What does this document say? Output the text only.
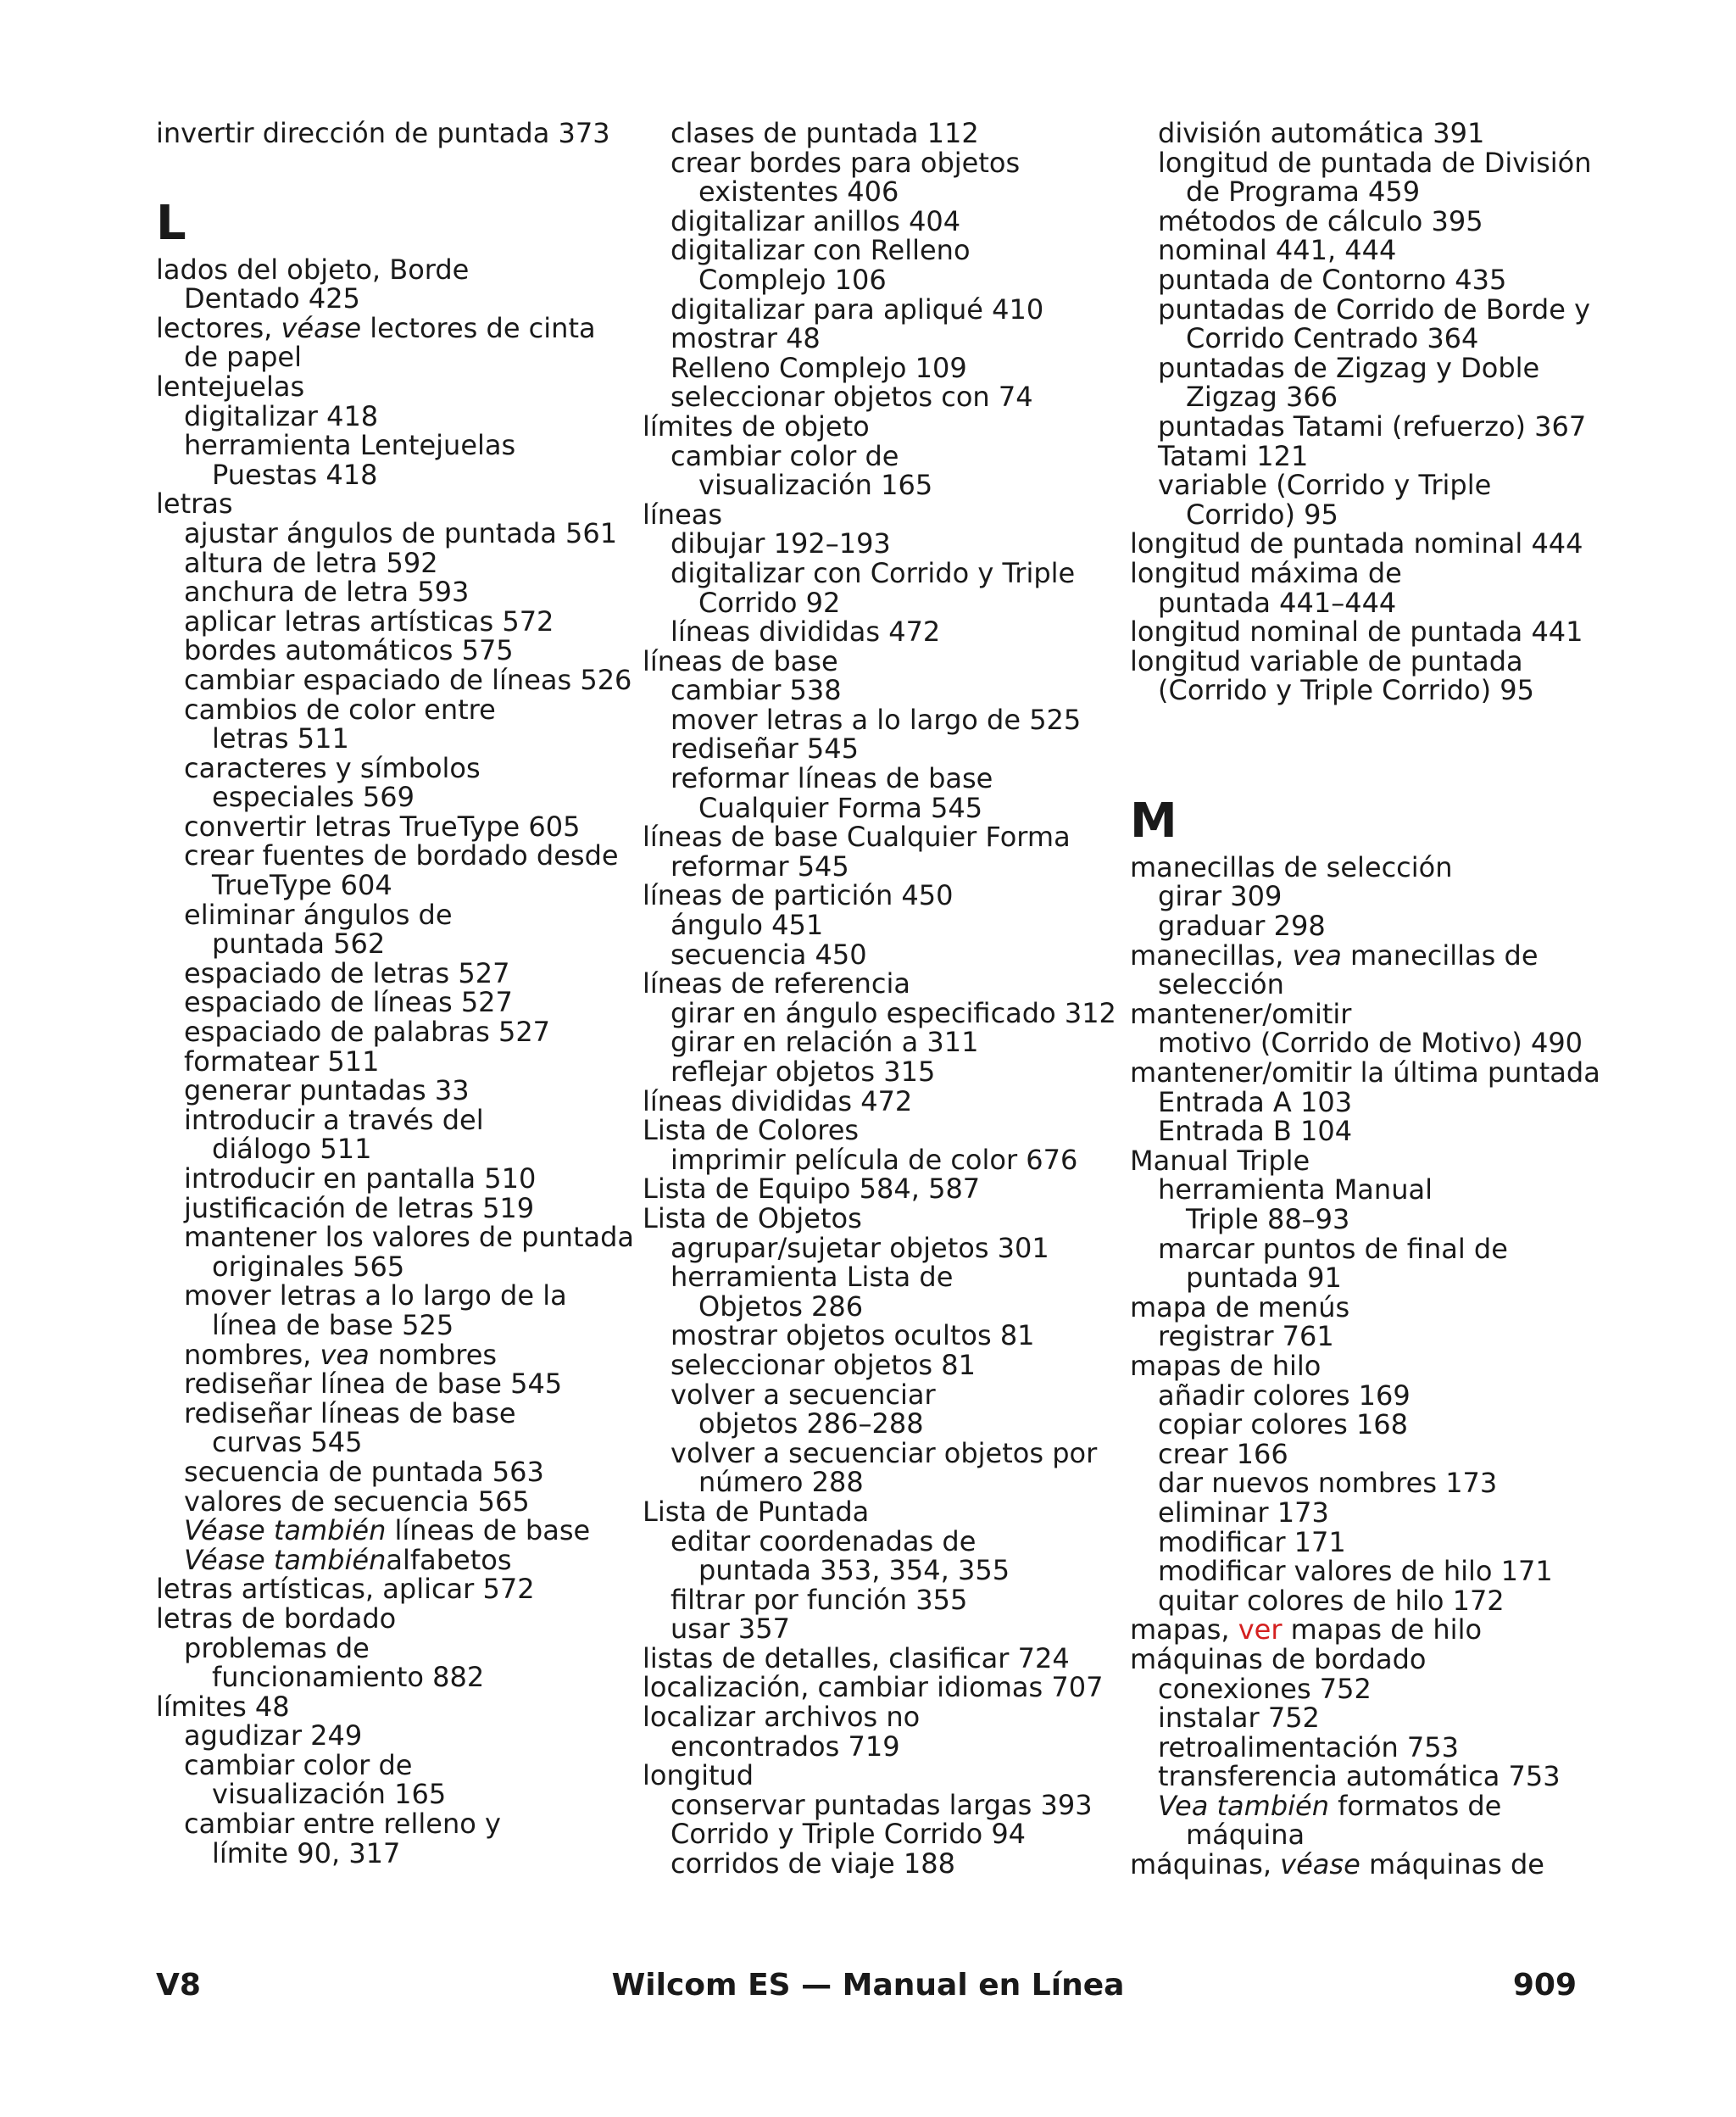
invertir dirección de puntada 373
L
lados del objeto, Borde
Dentado 425
lectores, véase lectores de cinta
de papel
lentejuelas
digitalizar 418
herramienta Lentejuelas
Puestas 418
letras
ajustar ángulos de puntada 561
altura de letra 592
anchura de letra 593
aplicar letras artísticas 572
bordes automáticos 575
cambiar espaciado de líneas 526
cambios de color entre
letras 511
caracteres y símbolos
especiales 569
convertir letras TrueType 605
crear fuentes de bordado desde
TrueType 604
eliminar ángulos de
puntada 562
espaciado de letras 527
espaciado de líneas 527
espaciado de palabras 527
formatear 511
generar puntadas 33
introducir a través del
diálogo 511
introducir en pantalla 510
justificación de letras 519
mantener los valores de puntada
originales 565
mover letras a lo largo de la
línea de base 525
nombres, vea nombres
rediseñar línea de base 545
rediseñar líneas de base
curvas 545
secuencia de puntada 563
valores de secuencia 565
Véase también líneas de base
Véase tambiénalfabetos
letras artísticas, aplicar 572
letras de bordado
problemas de
funcionamiento 882
límites 48
agudizar 249
cambiar color de
visualización 165
cambiar entre relleno y
límite 90, 317
clases de puntada 112
crear bordes para objetos
existentes 406
digitalizar anillos 404
digitalizar con Relleno
Complejo 106
digitalizar para apliqué 410
mostrar 48
Relleno Complejo 109
seleccionar objetos con 74
límites de objeto
cambiar color de
visualización 165
líneas
dibujar 192–193
digitalizar con Corrido y Triple
Corrido 92
líneas divididas 472
líneas de base
cambiar 538
mover letras a lo largo de 525
rediseñar 545
reformar líneas de base
Cualquier Forma 545
líneas de base Cualquier Forma
reformar 545
líneas de partición 450
ángulo 451
secuencia 450
líneas de referencia
girar en ángulo especificado 312
girar en relación a 311
reflejar objetos 315
líneas divididas 472
Lista de Colores
imprimir película de color 676
Lista de Equipo 584, 587
Lista de Objetos
agrupar/sujetar objetos 301
herramienta Lista de
Objetos 286
mostrar objetos ocultos 81
seleccionar objetos 81
volver a secuenciar
objetos 286–288
volver a secuenciar objetos por
número 288
Lista de Puntada
editar coordenadas de
puntada 353, 354, 355
filtrar por función 355
usar 357
listas de detalles, clasificar 724
localización, cambiar idiomas 707
localizar archivos no
encontrados 719
longitud
conservar puntadas largas 393
Corrido y Triple Corrido 94
corridos de viaje 188
división automática 391
longitud de puntada de División
de Programa 459
métodos de cálculo 395
nominal 441, 444
puntada de Contorno 435
puntadas de Corrido de Borde y
Corrido Centrado 364
puntadas de Zigzag y Doble
Zigzag 366
puntadas Tatami (refuerzo) 367
Tatami 121
variable (Corrido y Triple
Corrido) 95
longitud de puntada nominal 444
longitud máxima de
puntada 441–444
longitud nominal de puntada 441
longitud variable de puntada
(Corrido y Triple Corrido) 95
M
manecillas de selección
girar 309
graduar 298
manecillas, vea manecillas de
selección
mantener/omitir
motivo (Corrido de Motivo) 490
mantener/omitir la última puntada
Entrada A 103
Entrada B 104
Manual Triple
herramienta Manual
Triple 88–93
marcar puntos de final de
puntada 91
mapa de menús
registrar 761
mapas de hilo
añadir colores 169
copiar colores 168
crear 166
dar nuevos nombres 173
eliminar 173
modificar 171
modificar valores de hilo 171
quitar colores de hilo 172
mapas, ver mapas de hilo
máquinas de bordado
conexiones 752
instalar 752
retroalimentación 753
transferencia automática 753
Vea también formatos de
máquina
máquinas, véase máquinas de
V8	Wilcom ES — Manual en Línea	909
